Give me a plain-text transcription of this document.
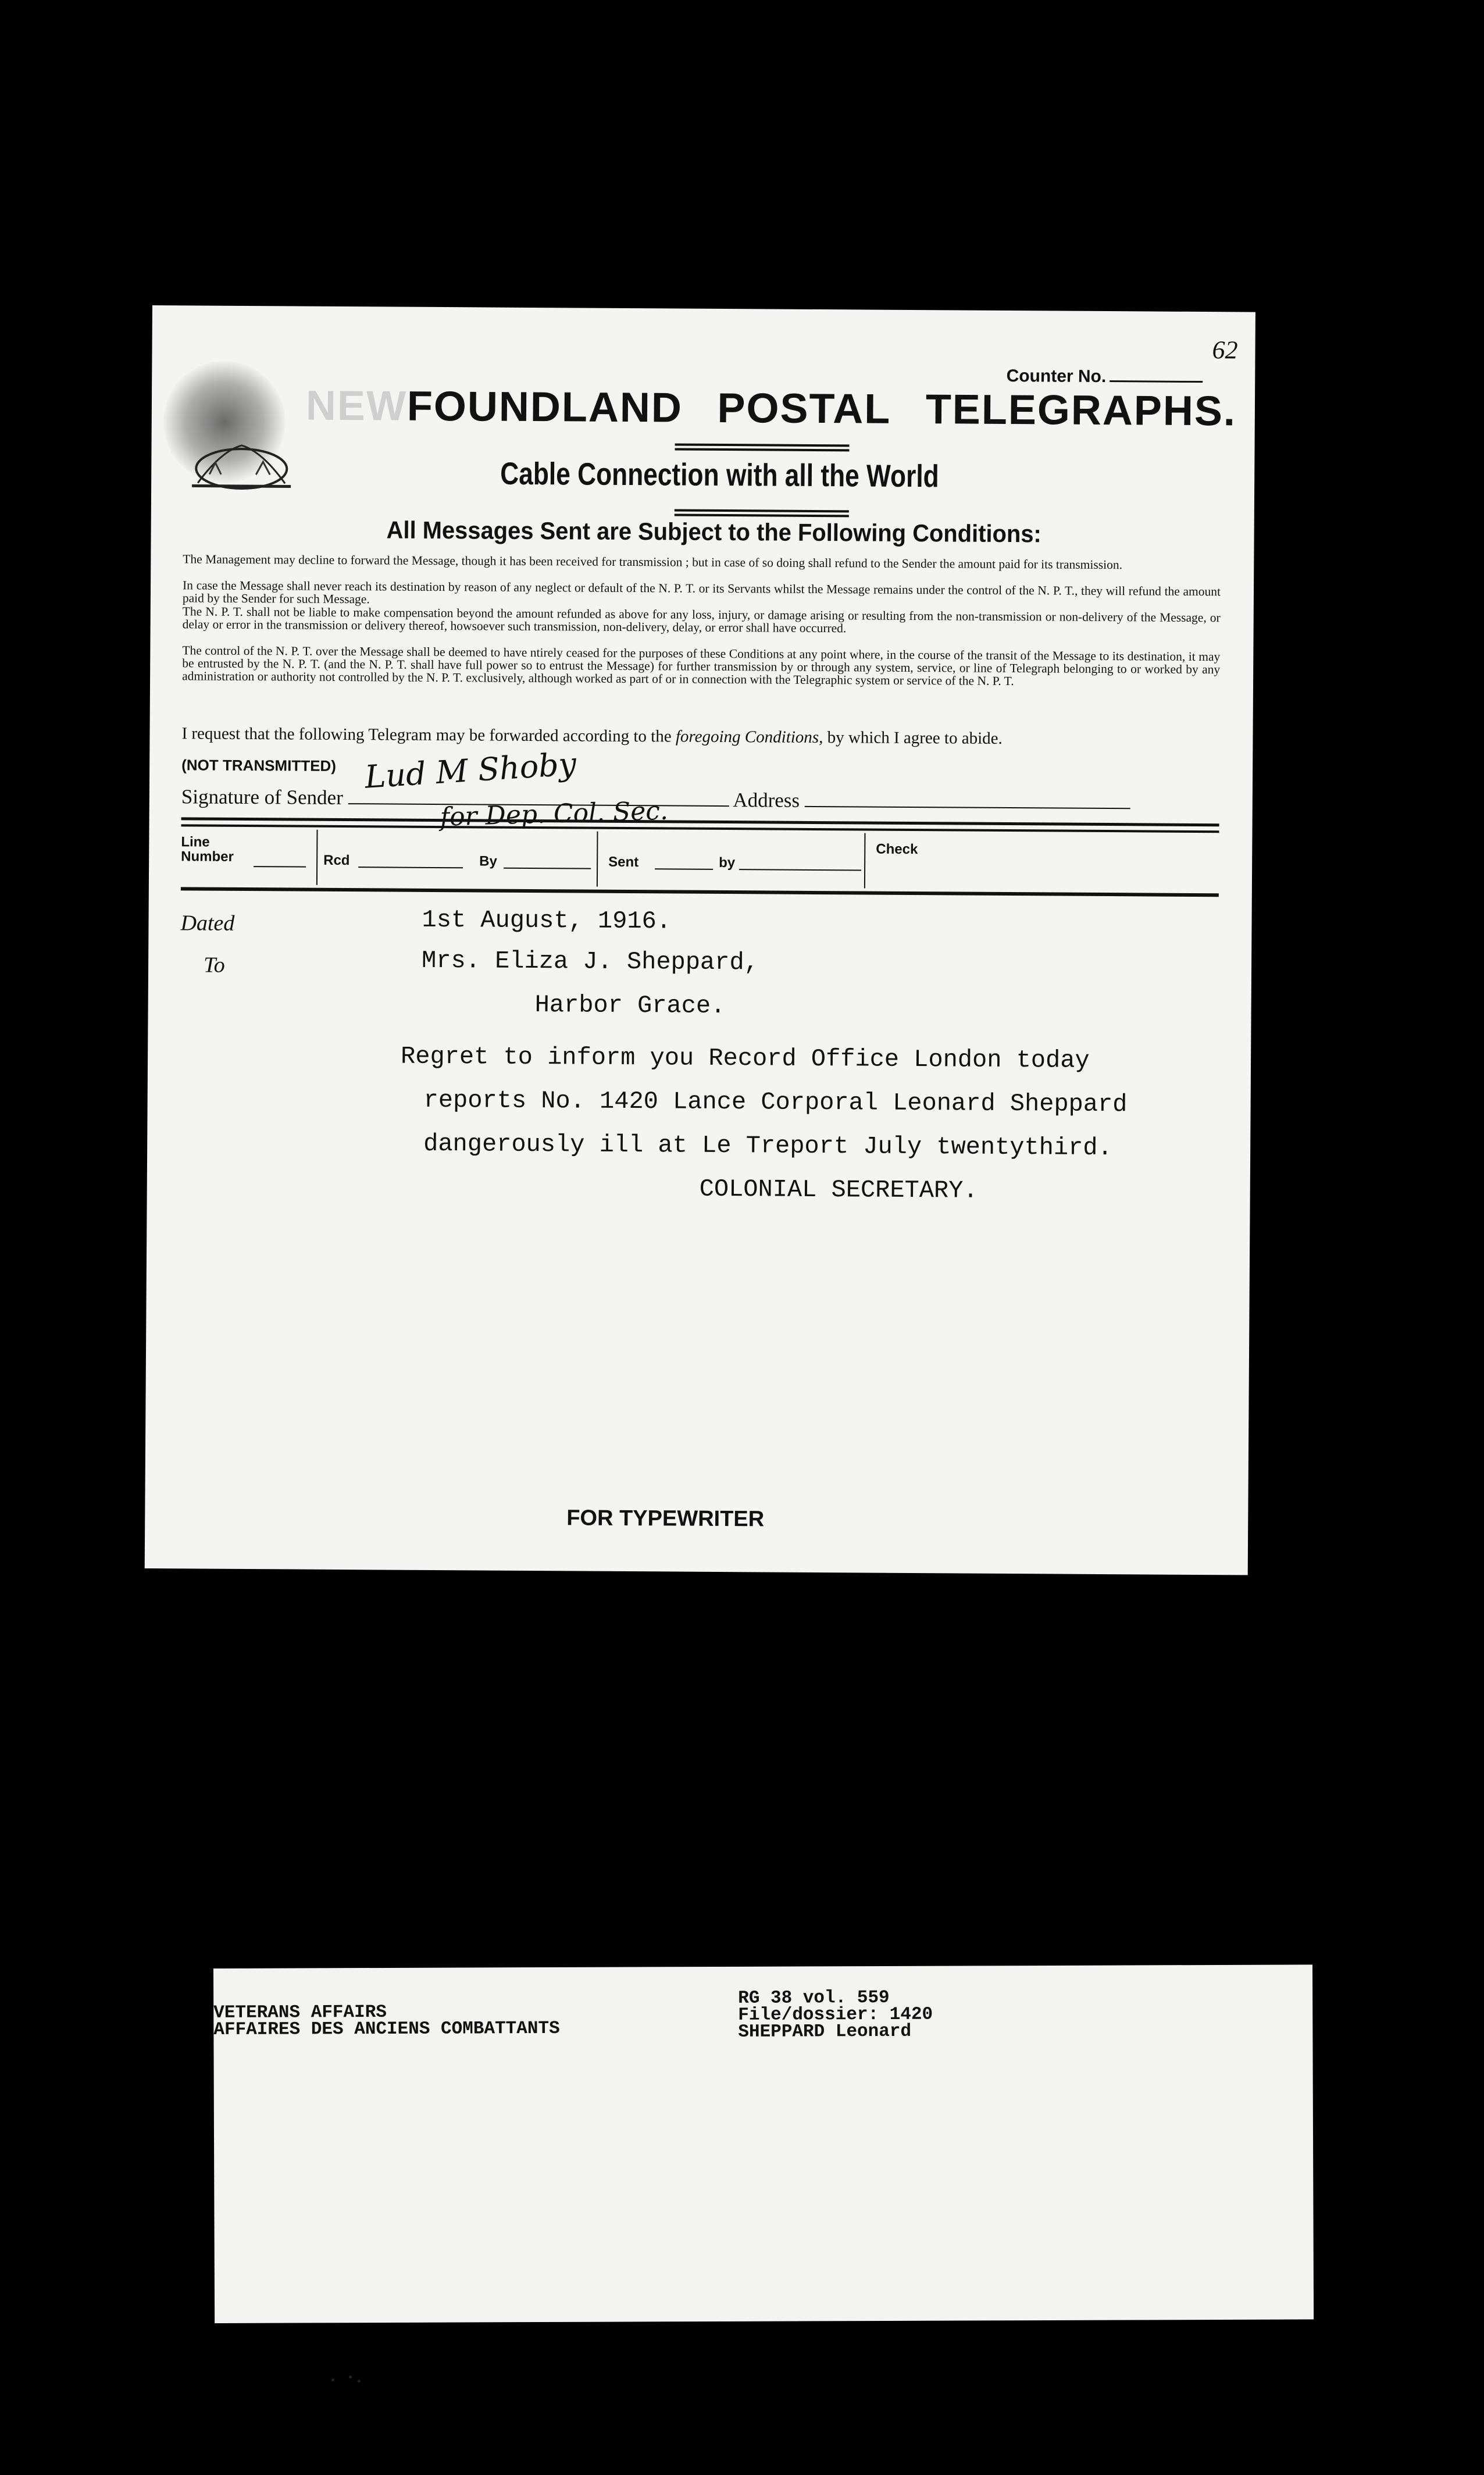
62
Counter No.
NEWFOUNDLAND POSTAL TELEGRAPHS.
Cable Connection with all the World
All Messages Sent are Subject to the Following Conditions:
The Management may decline to forward the Message, though it has been received for transmission ; but in case of so doing shall refund to the Sender the amount paid for its transmission.
In case the Message shall never reach its destination by reason of any neglect or default of the N. P. T. or its Servants whilst the Message remains under the control of the N. P. T., they will refund the amount paid by the Sender for such Message.
The N. P. T. shall not be liable to make compensation beyond the amount refunded as above for any loss, injury, or damage arising or resulting from the non-transmission or non-delivery of the Message, or delay or error in the transmission or delivery thereof, howsoever such transmission, non-delivery, delay, or error shall have occurred.
The control of the N. P. T. over the Message shall be deemed to have ntirely ceased for the purposes of these Conditions at any point where, in the course of the transit of the Message to its destination, it may be entrusted by the N. P. T. (and the N. P. T. shall have full power so to entrust the Message) for further transmission by or through any system, service, or line of Telegraph belonging to or worked by any administration or authority not controlled by the N. P. T. exclusively, although worked as part of or in connection with the Telegraphic system or service of the N. P. T.
I request that the following Telegram may be forwarded according to the foregoing Conditions, by which I agree to abide.
(NOT TRANSMITTED)
Signature of Sender	Address
Lud M Shoby
for Dep. Col. Sec.
Line Number	Rcd	By	Sent	by
Check
Dated
To
1st August, 1916.
Mrs. Eliza J. Sheppard,
Harbor Grace.
Regret to inform you Record Office London today
reports No. 1420 Lance Corporal Leonard Sheppard
dangerously ill at Le Treport July twentythird.
COLONIAL SECRETARY.
FOR TYPEWRITER
VETERANS AFFAIRS
AFFAIRES DES ANCIENS COMBATTANTS
RG 38 vol. 559
File/dossier: 1420
SHEPPARD Leonard
